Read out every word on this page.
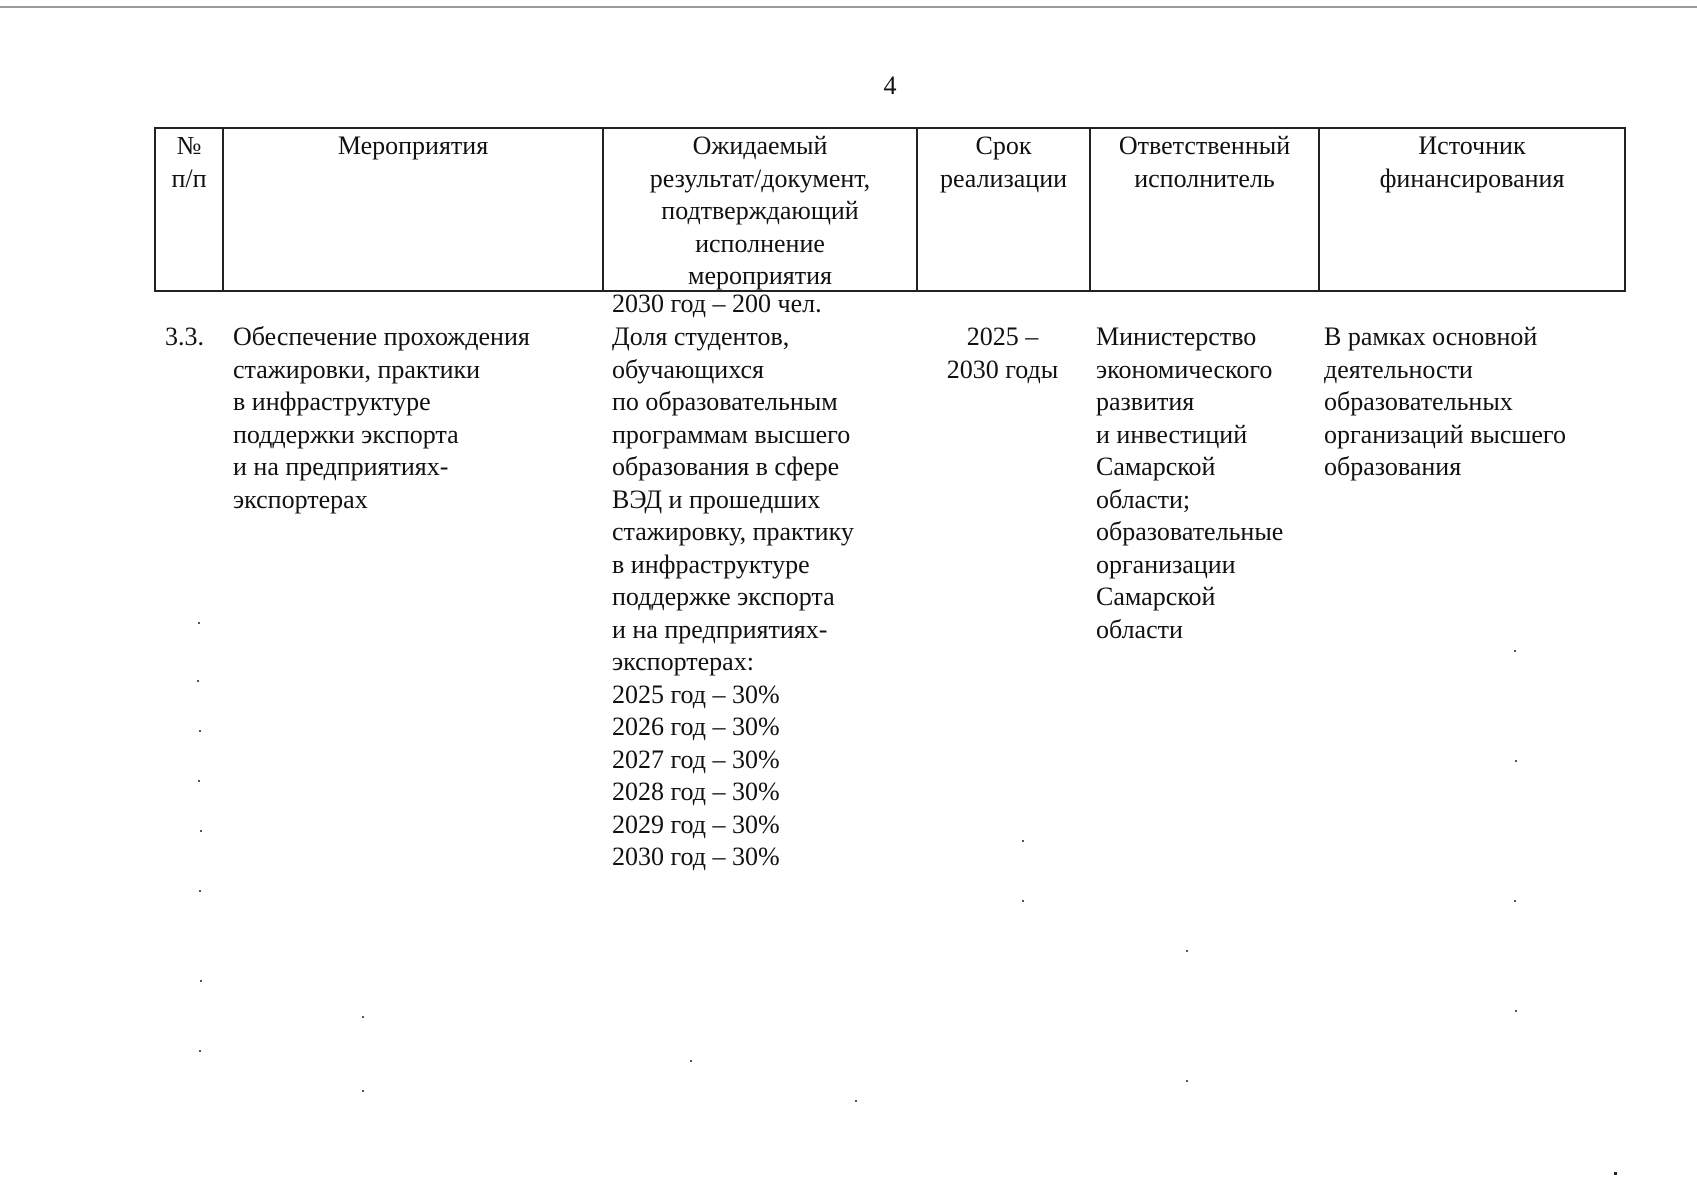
4
№
п/п
Мероприятия	Ожидаемый
результат/документ,
подтверждающий
исполнение
мероприятия
Срок
реализации
Ответственный
исполнитель
Источник
финансирования
2030 год – 200 чел.
3.3. Обеспечение прохождения
стажировки, практики
в инфраструктуре
поддержки экспорта
и на предприятиях-
экспортерах
Доля студентов,
обучающихся
по образовательным
программам высшего
образования в сфере
ВЭД и прошедших
стажировку, практику
в инфраструктуре
поддержке экспорта
и на предприятиях-
экспортерах:
2025 год – 30%
2026 год – 30%
2027 год – 30%
2028 год – 30%
2029 год – 30%
2030 год – 30%
2025 –
2030 годы
Министерство
экономического
развития
и инвестиций
Самарской
области;
образовательные
организации
Самарской
области
В рамках основной
деятельности
образовательных
организаций высшего
образования
